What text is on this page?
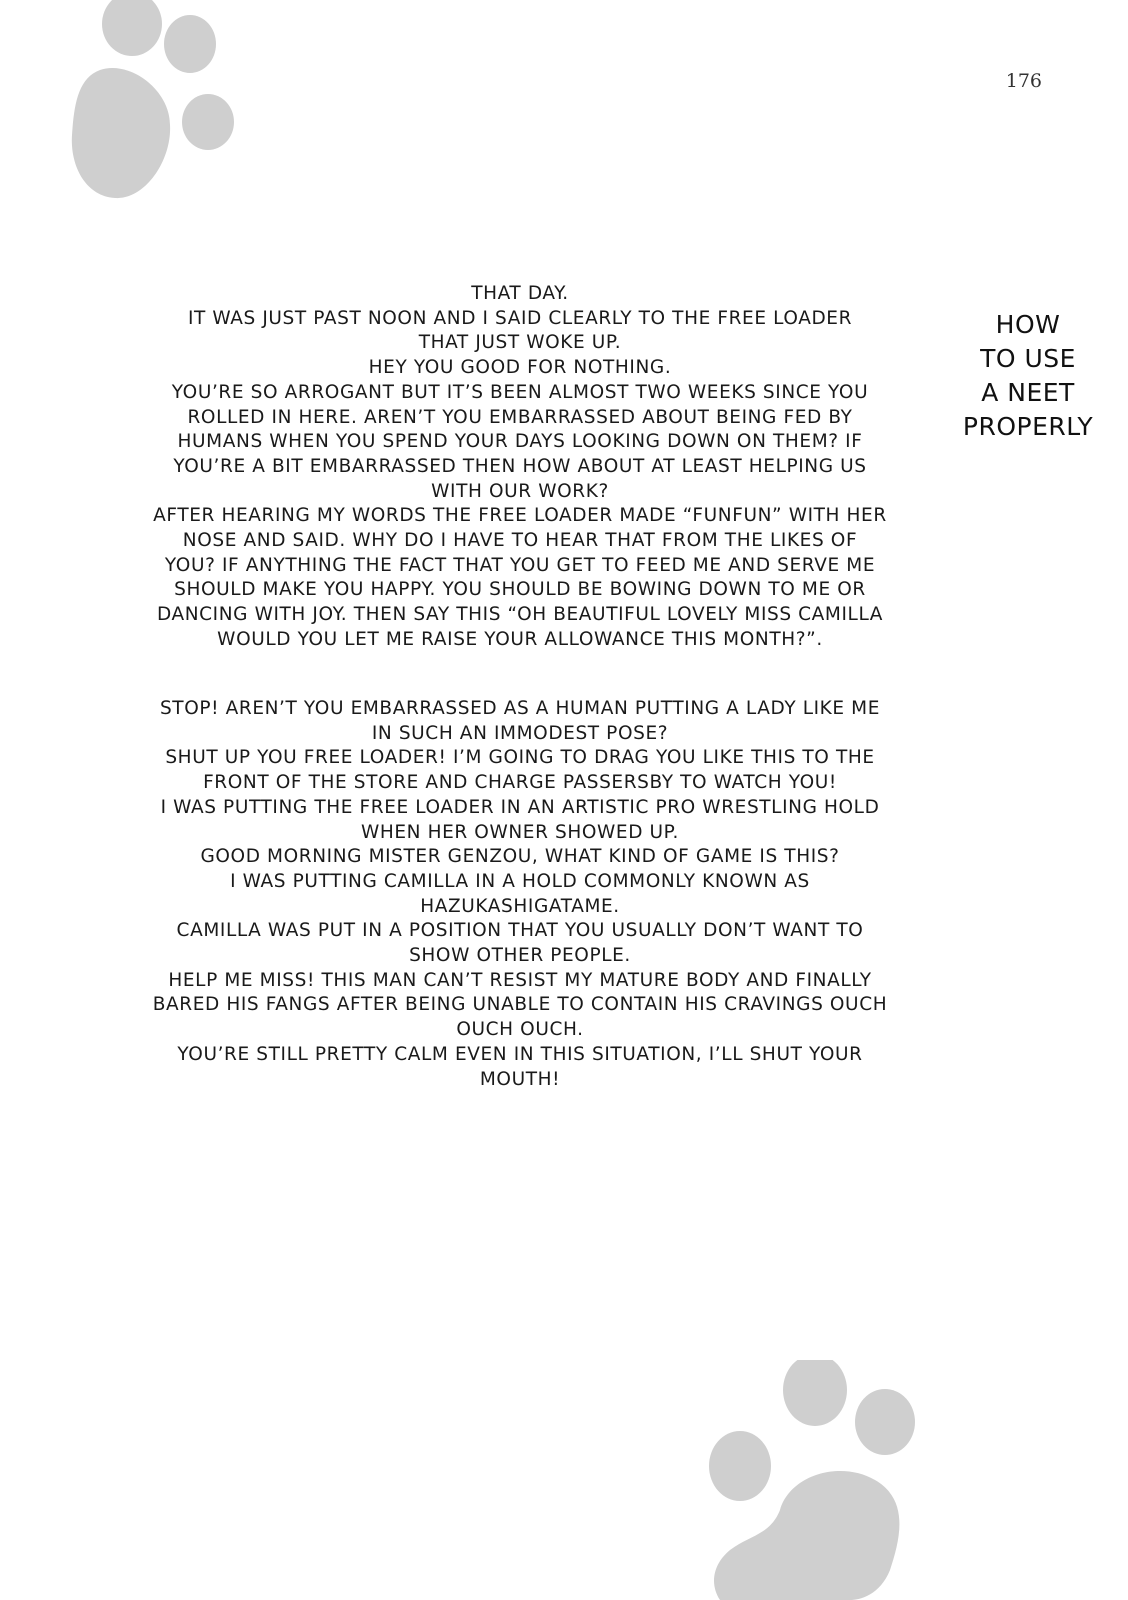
176
HOW
TO USE
A NEET
PROPERLY
THAT DAY.
IT WAS JUST PAST NOON AND I SAID CLEARLY TO THE FREE LOADER
THAT JUST WOKE UP.
HEY YOU GOOD FOR NOTHING.
YOU’RE SO ARROGANT BUT IT’S BEEN ALMOST TWO WEEKS SINCE YOU
ROLLED IN HERE. AREN’T YOU EMBARRASSED ABOUT BEING FED BY
HUMANS WHEN YOU SPEND YOUR DAYS LOOKING DOWN ON THEM? IF
YOU’RE A BIT EMBARRASSED THEN HOW ABOUT AT LEAST HELPING US
WITH OUR WORK?
AFTER HEARING MY WORDS THE FREE LOADER MADE “FUNFUN” WITH HER
NOSE AND SAID. WHY DO I HAVE TO HEAR THAT FROM THE LIKES OF
YOU? IF ANYTHING THE FACT THAT YOU GET TO FEED ME AND SERVE ME
SHOULD MAKE YOU HAPPY. YOU SHOULD BE BOWING DOWN TO ME OR
DANCING WITH JOY. THEN SAY THIS “OH BEAUTIFUL LOVELY MISS CAMILLA
WOULD YOU LET ME RAISE YOUR ALLOWANCE THIS MONTH?”.
STOP! AREN’T YOU EMBARRASSED AS A HUMAN PUTTING A LADY LIKE ME
IN SUCH AN IMMODEST POSE?
SHUT UP YOU FREE LOADER! I’M GOING TO DRAG YOU LIKE THIS TO THE
FRONT OF THE STORE AND CHARGE PASSERSBY TO WATCH YOU!
I WAS PUTTING THE FREE LOADER IN AN ARTISTIC PRO WRESTLING HOLD
WHEN HER OWNER SHOWED UP.
GOOD MORNING MISTER GENZOU, WHAT KIND OF GAME IS THIS?
I WAS PUTTING CAMILLA IN A HOLD COMMONLY KNOWN AS
HAZUKASHIGATAME.
CAMILLA WAS PUT IN A POSITION THAT YOU USUALLY DON’T WANT TO
SHOW OTHER PEOPLE.
HELP ME MISS! THIS MAN CAN’T RESIST MY MATURE BODY AND FINALLY
BARED HIS FANGS AFTER BEING UNABLE TO CONTAIN HIS CRAVINGS OUCH
OUCH OUCH.
YOU’RE STILL PRETTY CALM EVEN IN THIS SITUATION, I’LL SHUT YOUR
MOUTH!
